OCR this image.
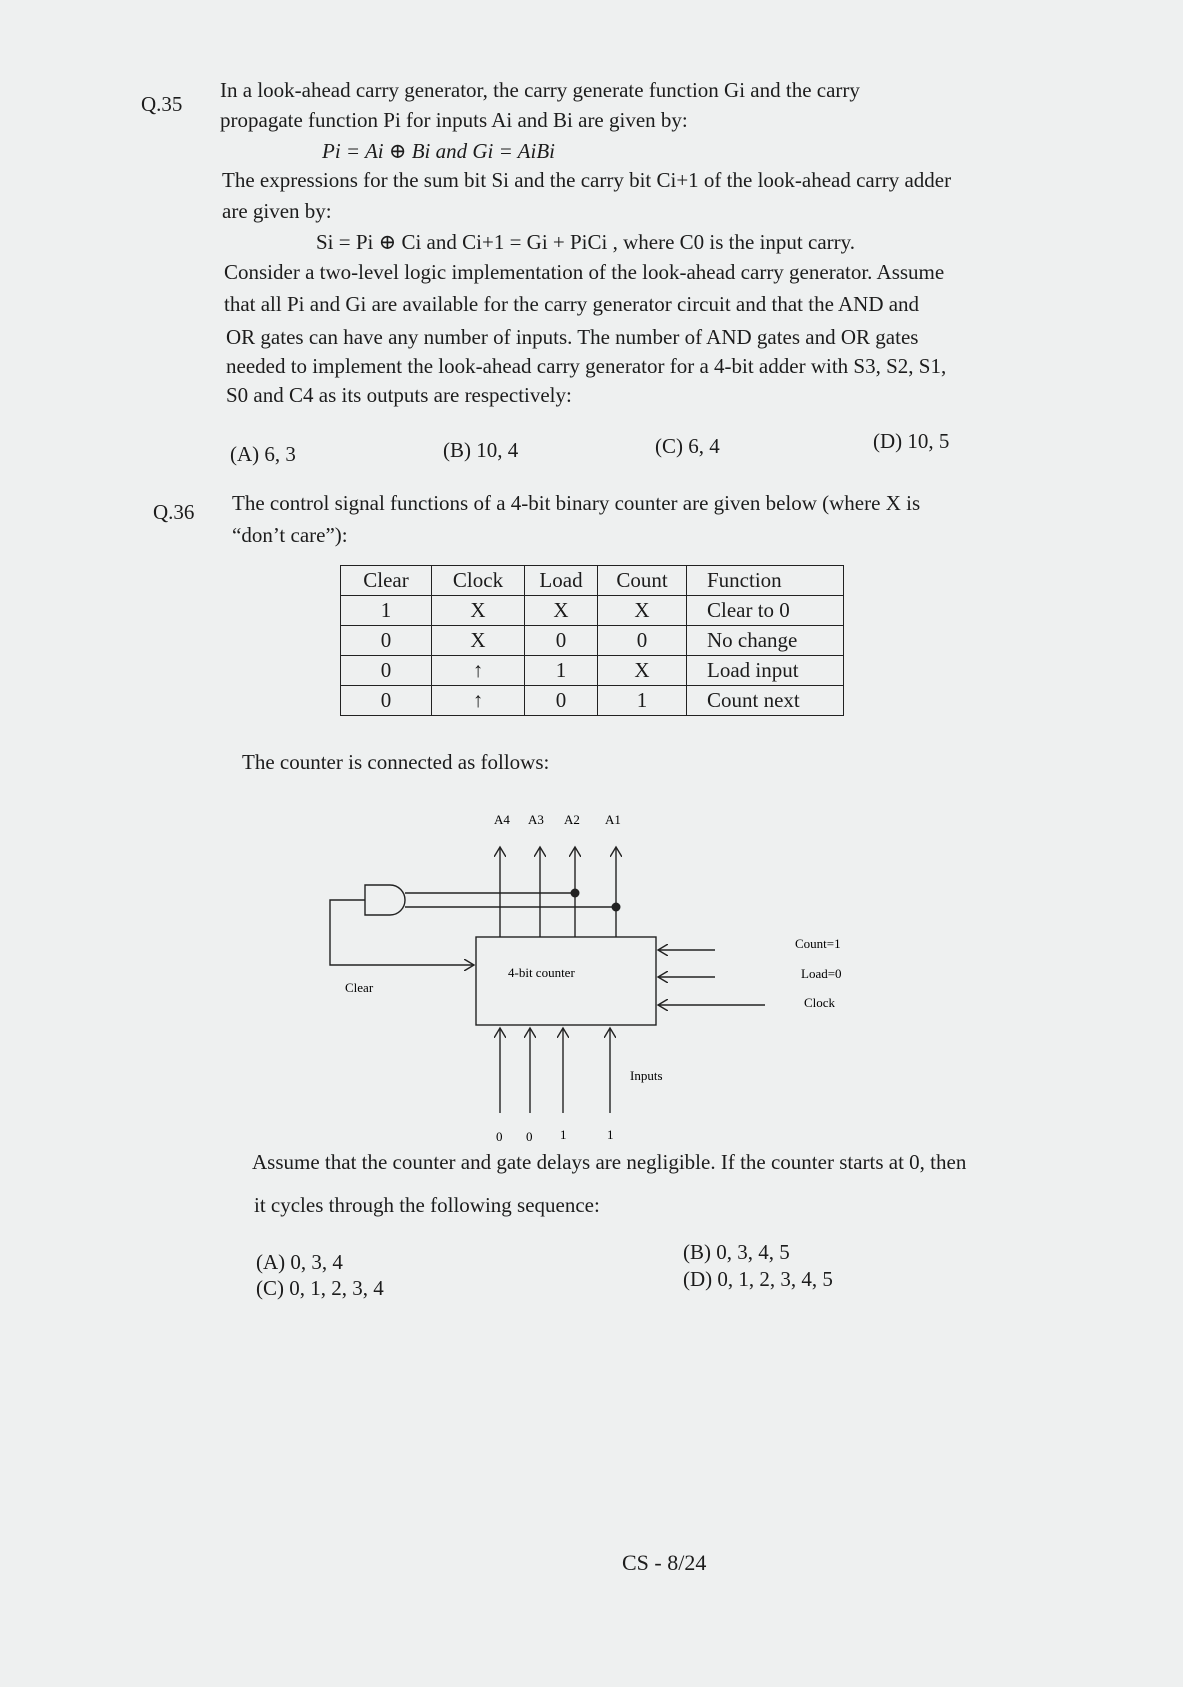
Q.35
In a look-ahead carry generator, the carry generate function Gi and the carry
propagate function Pi for inputs Ai and Bi are given by:
Pi = Ai ⊕ Bi and Gi = AiBi
The expressions for the sum bit Si and the carry bit Ci+1 of the look-ahead carry adder
are given by:
Si = Pi ⊕ Ci and Ci+1 = Gi + PiCi , where C0 is the input carry.
Consider a two-level logic implementation of the look-ahead carry generator. Assume
that all Pi and Gi are available for the carry generator circuit and that the AND and
OR gates can have any number of inputs. The number of AND gates and OR gates
needed to implement the look-ahead carry generator for a 4-bit adder with S3, S2, S1,
S0 and C4 as its outputs are respectively:
(A) 6, 3	(B) 10, 4	(C) 6, 4	(D) 10, 5
Q.36 The control signal functions of a 4-bit binary counter are given below (where X is
“don’t care”):
Clear	Clock	Load	Count	Function
1	X	X	X	Clear to 0
0	X	0	0	No change
0	↑	1	X	Load input
0	↑	0	1	Count next
The counter is connected as follows:
A4 A3 A2 A1
4-bit counter
Clear
Count=1
Load=0
Clock
Inputs
0 0 1	1
Assume that the counter and gate delays are negligible. If the counter starts at 0, then
it cycles through the following sequence:
(A) 0, 3, 4	(B) 0, 3, 4, 5
(C) 0, 1, 2, 3, 4	(D) 0, 1, 2, 3, 4, 5
CS - 8/24
